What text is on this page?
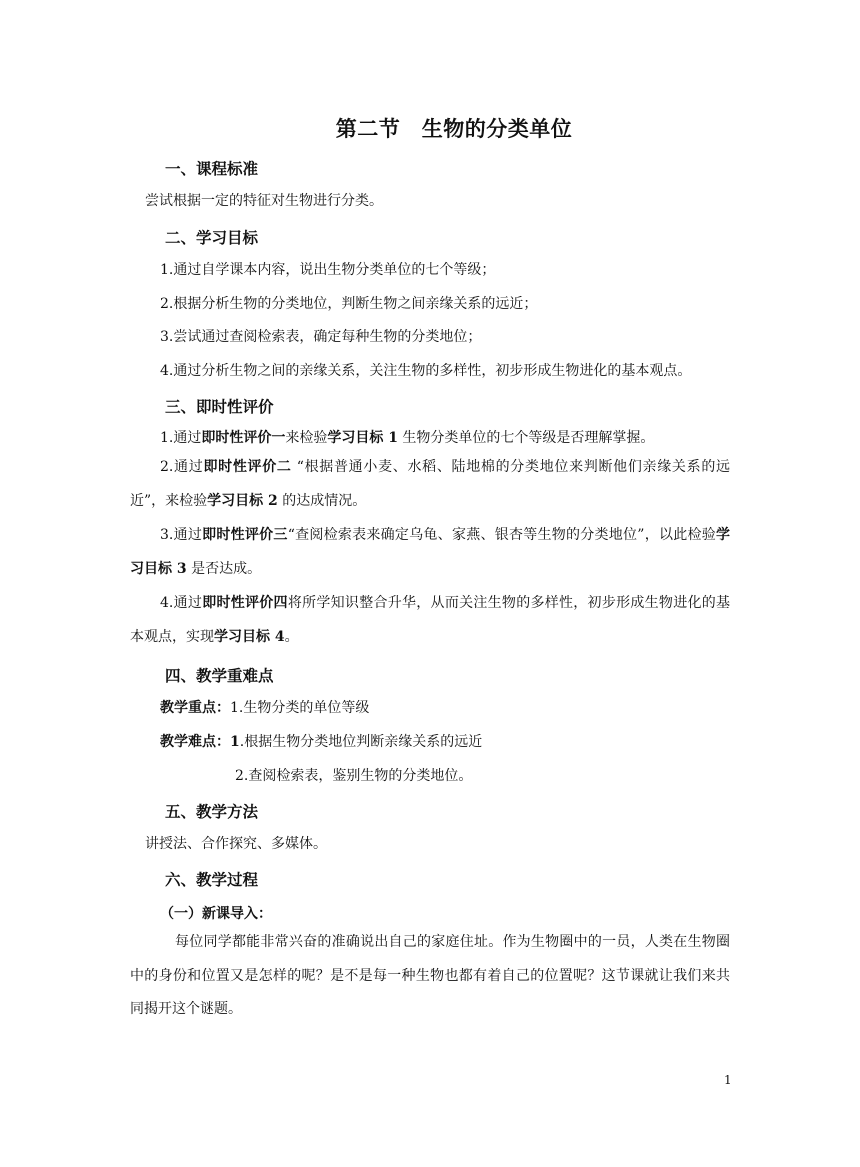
第二节　生物的分类单位
一、课程标准
尝试根据一定的特征对生物进行分类。
二、学习目标
1.通过自学课本内容，说出生物分类单位的七个等级；
2.根据分析生物的分类地位，判断生物之间亲缘关系的远近；
3.尝试通过查阅检索表，确定每种生物的分类地位；
4.通过分析生物之间的亲缘关系，关注生物的多样性，初步形成生物进化的基本观点。
三、即时性评价
1.通过即时性评价一来检验学习目标 1 生物分类单位的七个等级是否理解掌握。
2.通过即时性评价二 “根据普通小麦、水稻、陆地棉的分类地位来判断他们亲缘关系的远近”，来检验学习目标 2 的达成情况。
3.通过即时性评价三“查阅检索表来确定乌龟、家燕、银杏等生物的分类地位”，以此检验学习目标 3 是否达成。
4.通过即时性评价四将所学知识整合升华，从而关注生物的多样性，初步形成生物进化的基本观点，实现学习目标 4。
四、教学重难点
教学重点：1.生物分类的单位等级
教学难点：1.根据生物分类地位判断亲缘关系的远近
2.查阅检索表，鉴别生物的分类地位。
五、教学方法
讲授法、合作探究、多媒体。
六、教学过程
（一）新课导入：
每位同学都能非常兴奋的准确说出自己的家庭住址。作为生物圈中的一员，人类在生物圈中的身份和位置又是怎样的呢？是不是每一种生物也都有着自己的位置呢？这节课就让我们来共同揭开这个谜题。
1
